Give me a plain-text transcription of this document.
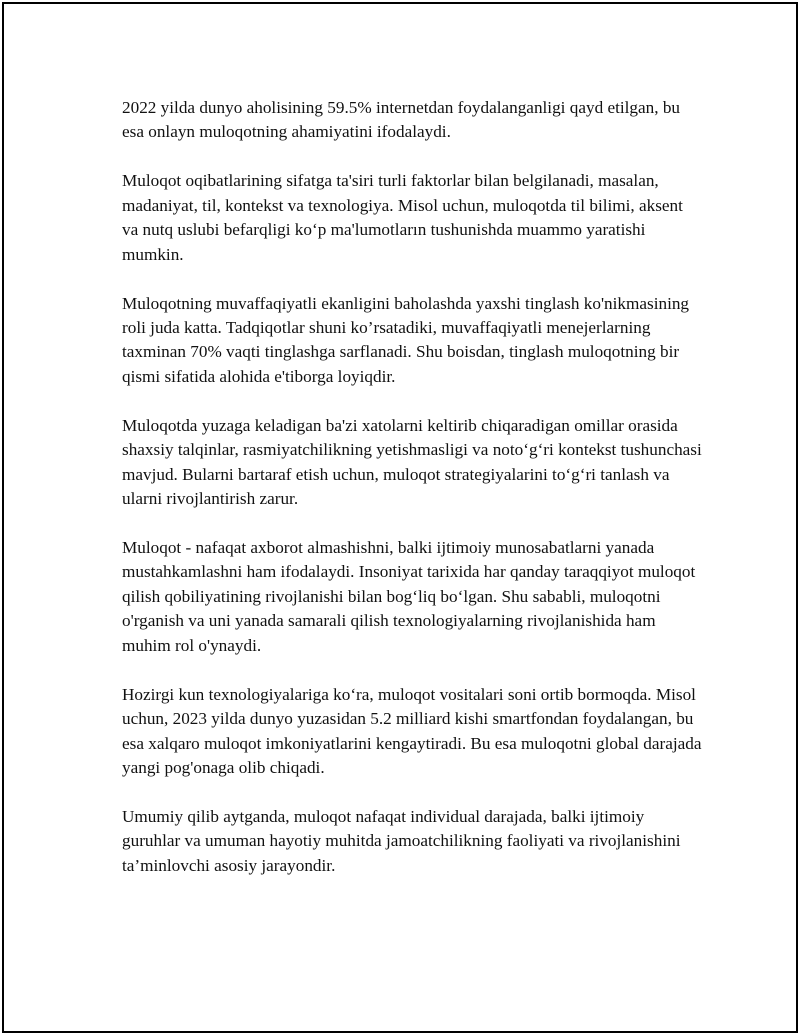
2022 yilda dunyo aholisining 59.5% internetdan foydalanganligi qayd etilgan, bu esa onlayn muloqotning ahamiyatini ifodalaydi.

Muloqot oqibatlarining sifatga ta'siri turli faktorlar bilan belgilanadi, masalan, madaniyat, til, kontekst va texnologiya. Misol uchun, muloqotda til bilimi, aksent va nutq uslubi befarqligi ko‘p ma'lumotların tushunishda muammo yaratishi mumkin.

Muloqotning muvaffaqiyatli ekanligini baholashda yaxshi tinglash ko'nikmasining roli juda katta. Tadqiqotlar shuni ko’rsatadiki, muvaffaqiyatli menejerlarning taxminan 70% vaqti tinglashga sarflanadi. Shu boisdan, tinglash muloqotning bir qismi sifatida alohida e'tiborga loyiqdir.

Muloqotda yuzaga keladigan ba'zi xatolarni keltirib chiqaradigan omillar orasida shaxsiy talqinlar, rasmiyatchilikning yetishmasligi va noto‘g‘ri kontekst tushunchasi mavjud. Bularni bartaraf etish uchun, muloqot strategiyalarini to‘g‘ri tanlash va ularni rivojlantirish zarur.

Muloqot - nafaqat axborot almashishni, balki ijtimoiy munosabatlarni yanada mustahkamlashni ham ifodalaydi. Insoniyat tarixida har qanday taraqqiyot muloqot qilish qobiliyatining rivojlanishi bilan bog‘liq bo‘lgan. Shu sababli, muloqotni o'rganish va uni yanada samarali qilish texnologiyalarning rivojlanishida ham muhim rol o'ynaydi.

Hozirgi kun texnologiyalariga ko‘ra, muloqot vositalari soni ortib bormoqda. Misol uchun, 2023 yilda dunyo yuzasidan 5.2 milliard kishi smartfondan foydalangan, bu esa xalqaro muloqot imkoniyatlarini kengaytiradi. Bu esa muloqotni global darajada yangi pog'onaga olib chiqadi.

Umumiy qilib aytganda, muloqot nafaqat individual darajada, balki ijtimoiy guruhlar va umuman hayotiy muhitda jamoatchilikning faoliyati va rivojlanishini ta’minlovchi asosiy jarayondir.
